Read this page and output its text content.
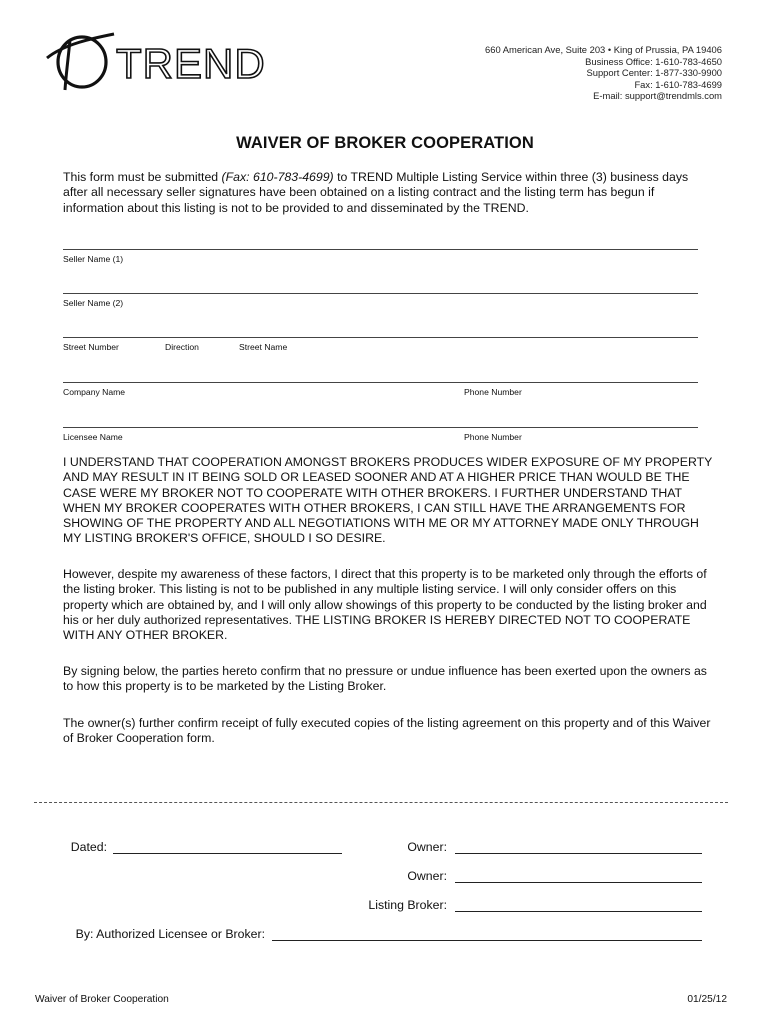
TREND	660 American Ave, Suite 203 • King of Prussia, PA 19406
Business Office: 1-610-783-4650
Support Center: 1-877-330-9900
Fax: 1-610-783-4699
E-mail: support@trendmls.com
WAIVER OF BROKER COOPERATION
This form must be submitted (Fax: 610-783-4699) to TREND Multiple Listing Service within three (3) business days after all necessary seller signatures have been obtained on a listing contract and the listing term has begun if information about this listing is not to be provided to and disseminated by the TREND.
Seller Name (1)
Seller Name (2)
Street Number	Direction	Street Name
Company Name	Phone Number
Licensee Name	Phone Number
I UNDERSTAND THAT COOPERATION AMONGST BROKERS PRODUCES WIDER EXPOSURE OF MY PROPERTY AND MAY RESULT IN IT BEING SOLD OR LEASED SOONER AND AT A HIGHER PRICE THAN WOULD BE THE CASE WERE MY BROKER NOT TO COOPERATE WITH OTHER BROKERS. I FURTHER UNDERSTAND THAT WHEN MY BROKER COOPERATES WITH OTHER BROKERS, I CAN STILL HAVE THE ARRANGEMENTS FOR SHOWING OF THE PROPERTY AND ALL NEGOTIATIONS WITH ME OR MY ATTORNEY MADE ONLY THROUGH MY LISTING BROKER'S OFFICE, SHOULD I SO DESIRE.
However, despite my awareness of these factors, I direct that this property is to be marketed only through the efforts of the listing broker. This listing is not to be published in any multiple listing service. I will only consider offers on this property which are obtained by, and I will only allow showings of this property to be conducted by the listing broker and his or her duly authorized representatives. THE LISTING BROKER IS HEREBY DIRECTED NOT TO COOPERATE WITH ANY OTHER BROKER.
By signing below, the parties hereto confirm that no pressure or undue influence has been exerted upon the owners as to how this property is to be marketed by the Listing Broker.
The owner(s) further confirm receipt of fully executed copies of the listing agreement on this property and of this Waiver of Broker Cooperation form.
Dated:	Owner:
Owner:
Listing Broker:
By: Authorized Licensee or Broker:
Waiver of Broker Cooperation	01/25/12
